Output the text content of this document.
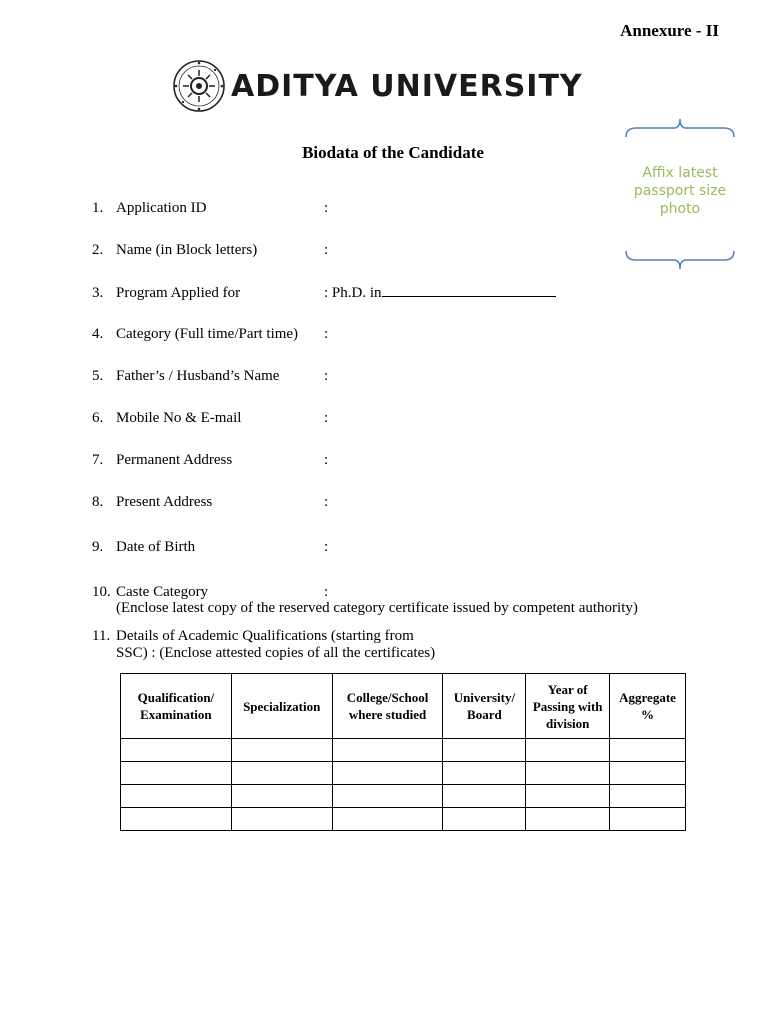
Annexure - II
ADITYA UNIVERSITY
Biodata of the Candidate
Affix latest passport size photo
1. Application ID	:
2. Name (in Block letters)	:
3. Program Applied for	: Ph.D. in
4. Category (Full time/Part time) :
5. Father’s / Husband’s Name	:
6. Mobile No & E-mail	:
7. Permanent Address	:
8. Present Address	:
9. Date of Birth	:
10. Caste Category	:
(Enclose latest copy of the reserved category certificate issued by competent authority)
11. Details of Academic Qualifications (starting from
SSC) : (Enclose attested copies of all the certificates)
Qualification/ Examination	Specialization	College/School where studied	University/ Board	Year of Passing with division	Aggregate %
